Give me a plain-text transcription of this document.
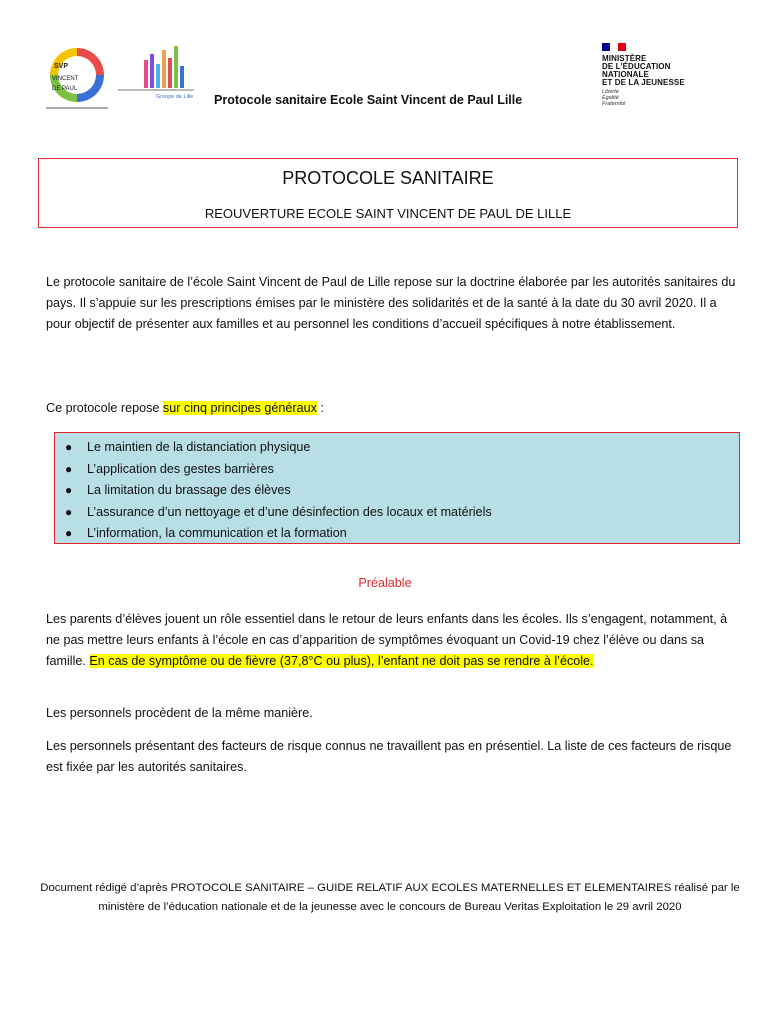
SVP
VINCENT
DE PAUL
Groupe de Lille Protocole sanitaire Ecole Saint Vincent de Paul Lille
MINISTÈRE
DE L'ÉDUCATION
NATIONALE
ET DE LA JEUNESSE
Liberté
Égalité
Fraternité
PROTOCOLE SANITAIRE
REOUVERTURE ECOLE SAINT VINCENT DE PAUL DE LILLE
Le protocole sanitaire de l’école Saint Vincent de Paul de Lille repose sur la doctrine élaborée par les autorités sanitaires du pays. Il s’appuie sur les prescriptions émises par le ministère des solidarités et de la santé à la date du 30 avril 2020. Il a pour objectif de présenter aux familles et au personnel les conditions d’accueil spécifiques à notre établissement.
Ce protocole repose sur cinq principes généraux :
● Le maintien de la distanciation physique
● L’application des gestes barrières
● La limitation du brassage des élèves
● L’assurance d’un nettoyage et d’une désinfection des locaux et matériels
● L’information, la communication et la formation
Préalable
Les parents d’élèves jouent un rôle essentiel dans le retour de leurs enfants dans les écoles. Ils s’engagent, notamment, à ne pas mettre leurs enfants à l’école en cas d’apparition de symptômes évoquant un Covid-19 chez l’élève ou dans sa famille. En cas de symptôme ou de fièvre (37,8°C ou plus), l’enfant ne doit pas se rendre à l’école.
Les personnels procèdent de la même manière.
Les personnels présentant des facteurs de risque connus ne travaillent pas en présentiel. La liste de ces facteurs de risque est fixée par les autorités sanitaires.
Document rédigé d’après PROTOCOLE SANITAIRE – GUIDE RELATIF AUX ECOLES MATERNELLES ET ELEMENTAIRES réalisé par le ministère de l’éducation nationale et de la jeunesse avec le concours de Bureau Veritas Exploitation le 29 avril 2020
